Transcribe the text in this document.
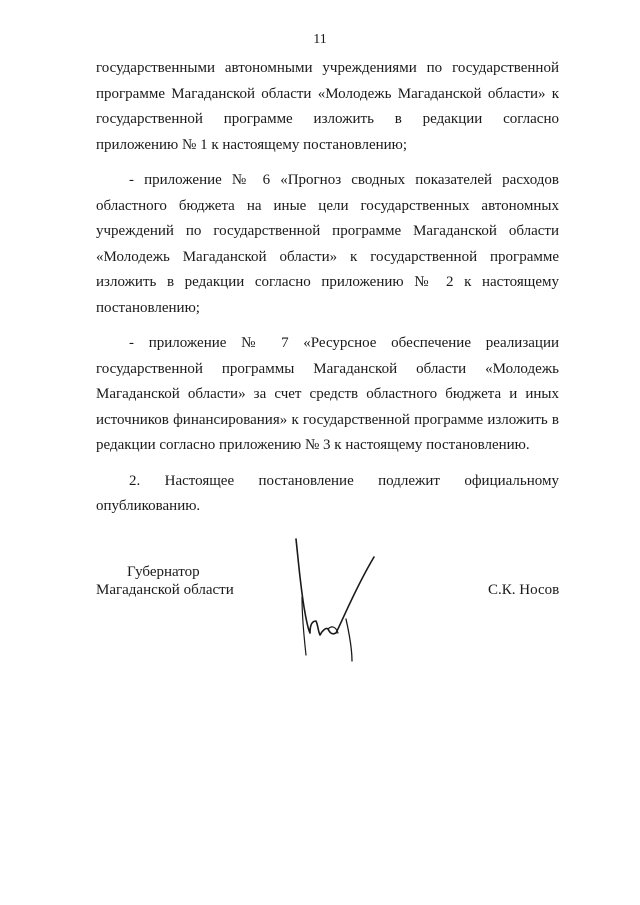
11

государственными автономными учреждениями по государственной программе Магаданской области «Молодежь Магаданской области» к государственной программе изложить в редакции согласно приложению № 1 к настоящему постановлению;

- приложение № 6 «Прогноз сводных показателей расходов областного бюджета на иные цели государственных автономных учреждений по государственной программе Магаданской области «Молодежь Магаданской области» к государственной программе изложить в редакции согласно приложению № 2 к настоящему постановлению;

- приложение № 7 «Ресурсное обеспечение реализации государственной программы Магаданской области «Молодежь Магаданской области» за счет средств областного бюджета и иных источников финансирования» к государственной программе изложить в редакции согласно приложению № 3 к настоящему постановлению.

2. Настоящее постановление подлежит официальному опубликованию.

Губернатор
Магаданской области	С.К. Носов
